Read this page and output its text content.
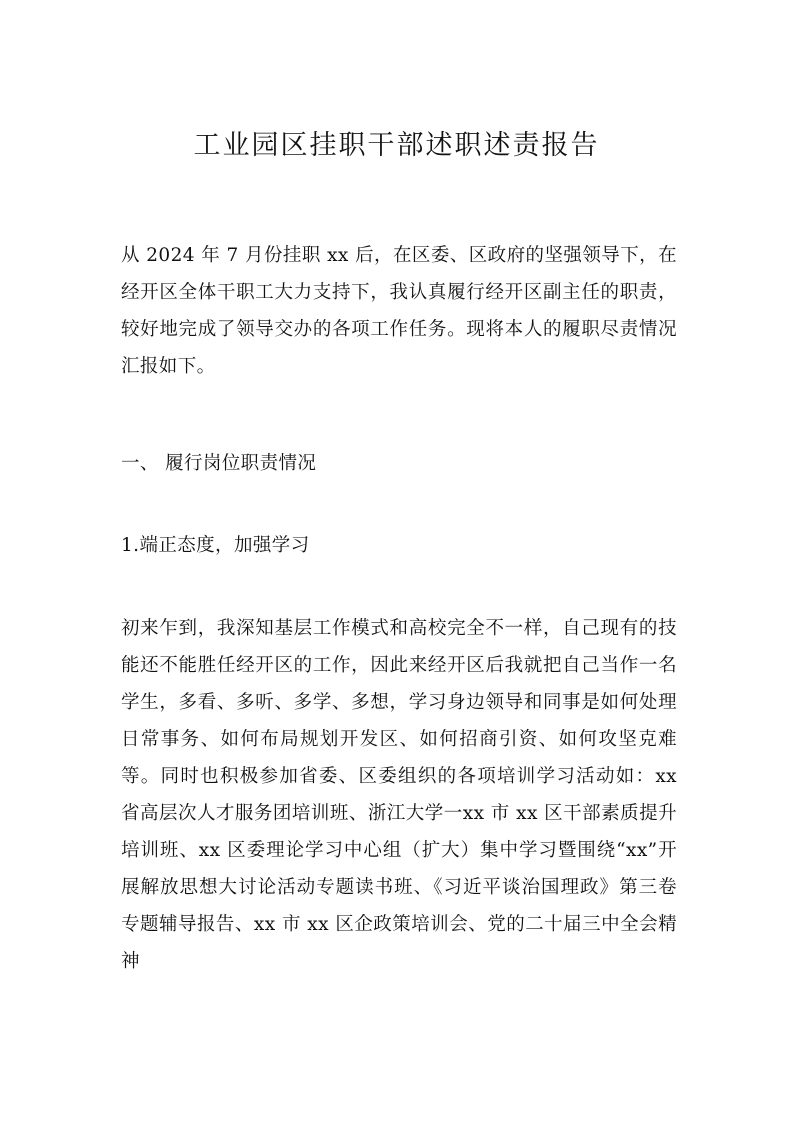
工业园区挂职干部述职述责报告

从 2024 年 7 月份挂职 xx 后，在区委、区政府的坚强领导下，在经开区全体干职工大力支持下，我认真履行经开区副主任的职责，较好地完成了领导交办的各项工作任务。现将本人的履职尽责情况汇报如下。

一、 履行岗位职责情况

1.端正态度，加强学习

初来乍到，我深知基层工作模式和高校完全不一样，自己现有的技能还不能胜任经开区的工作，因此来经开区后我就把自己当作一名学生，多看、多听、多学、多想，学习身边领导和同事是如何处理日常事务、如何布局规划开发区、如何招商引资、如何攻坚克难等。同时也积极参加省委、区委组织的各项培训学习活动如：xx 省高层次人才服务团培训班、浙江大学一xx 市 xx 区干部素质提升培训班、xx 区委理论学习中心组（扩大）集中学习暨围绕“xx”开展解放思想大讨论活动专题读书班、《习近平谈治国理政》第三卷专题辅导报告、xx 市 xx 区企政策培训会、党的二十届三中全会精神
